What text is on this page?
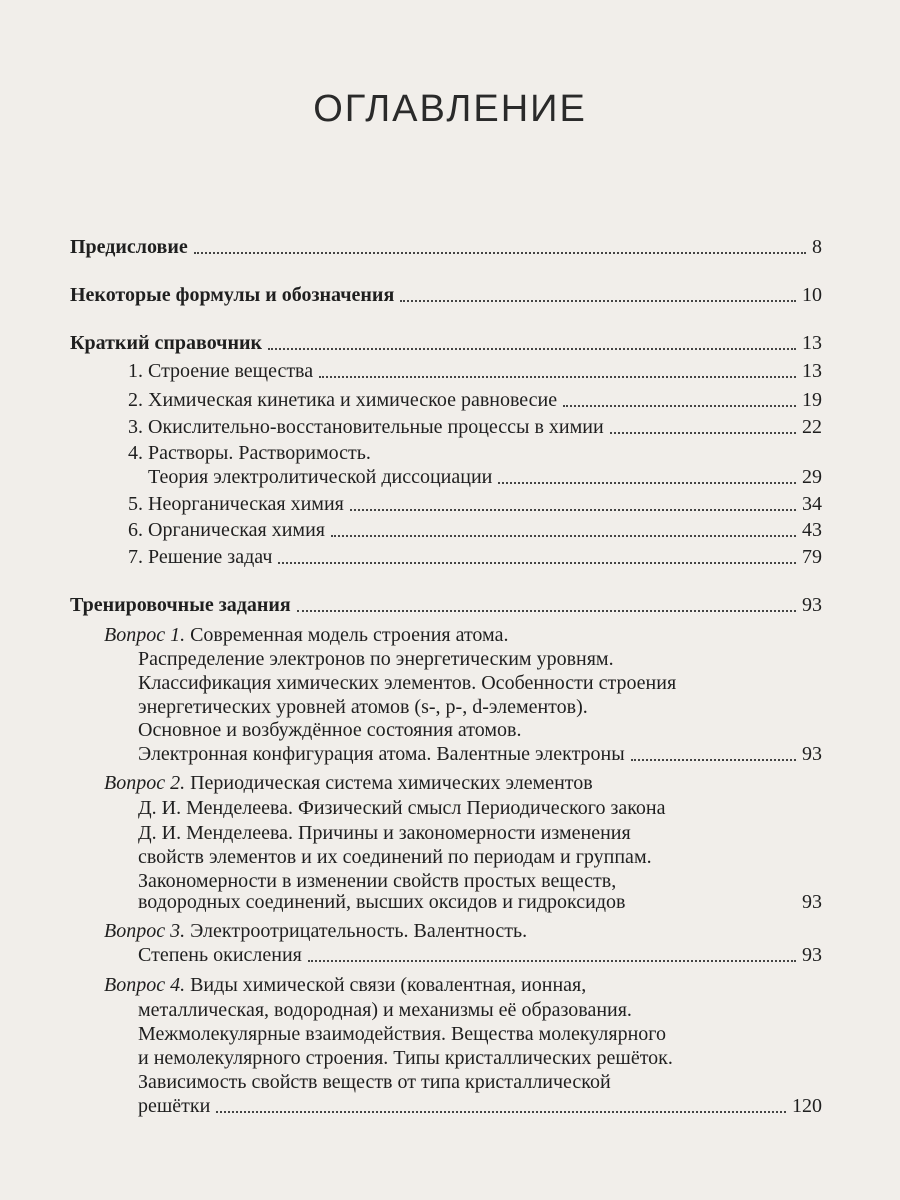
ОГЛАВЛЕНИЕ
Предисловие	8
Некоторые формулы и обозначения	10
Краткий справочник	13
1. Строение вещества	13
2. Химическая кинетика и химическое равновесие	19
3. Окислительно-восстановительные процессы в химии	22
4. Растворы. Растворимость.
Теория электролитической диссоциации	29
5. Неорганическая химия	34
6. Органическая химия	43
7. Решение задач	79
Тренировочные задания	93
Вопрос 1. Современная модель строения атома.
Распределение электронов по энергетическим уровням.
Классификация химических элементов. Особенности строения
энергетических уровней атомов (s-, p-, d-элементов).
Основное и возбуждённое состояния атомов.
Электронная конфигурация атома. Валентные электроны	93
Вопрос 2. Периодическая система химических элементов
Д. И. Менделеева. Физический смысл Периодического закона
Д. И. Менделеева. Причины и закономерности изменения
свойств элементов и их соединений по периодам и группам.
Закономерности в изменении свойств простых веществ,
водородных соединений, высших оксидов и гидроксидов	93
Вопрос 3. Электроотрицательность. Валентность.
Степень окисления	93
Вопрос 4. Виды химической связи (ковалентная, ионная,
металлическая, водородная) и механизмы её образования.
Межмолекулярные взаимодействия. Вещества молекулярного
и немолекулярного строения. Типы кристаллических решёток.
Зависимость свойств веществ от типа кристаллической
решётки	120
